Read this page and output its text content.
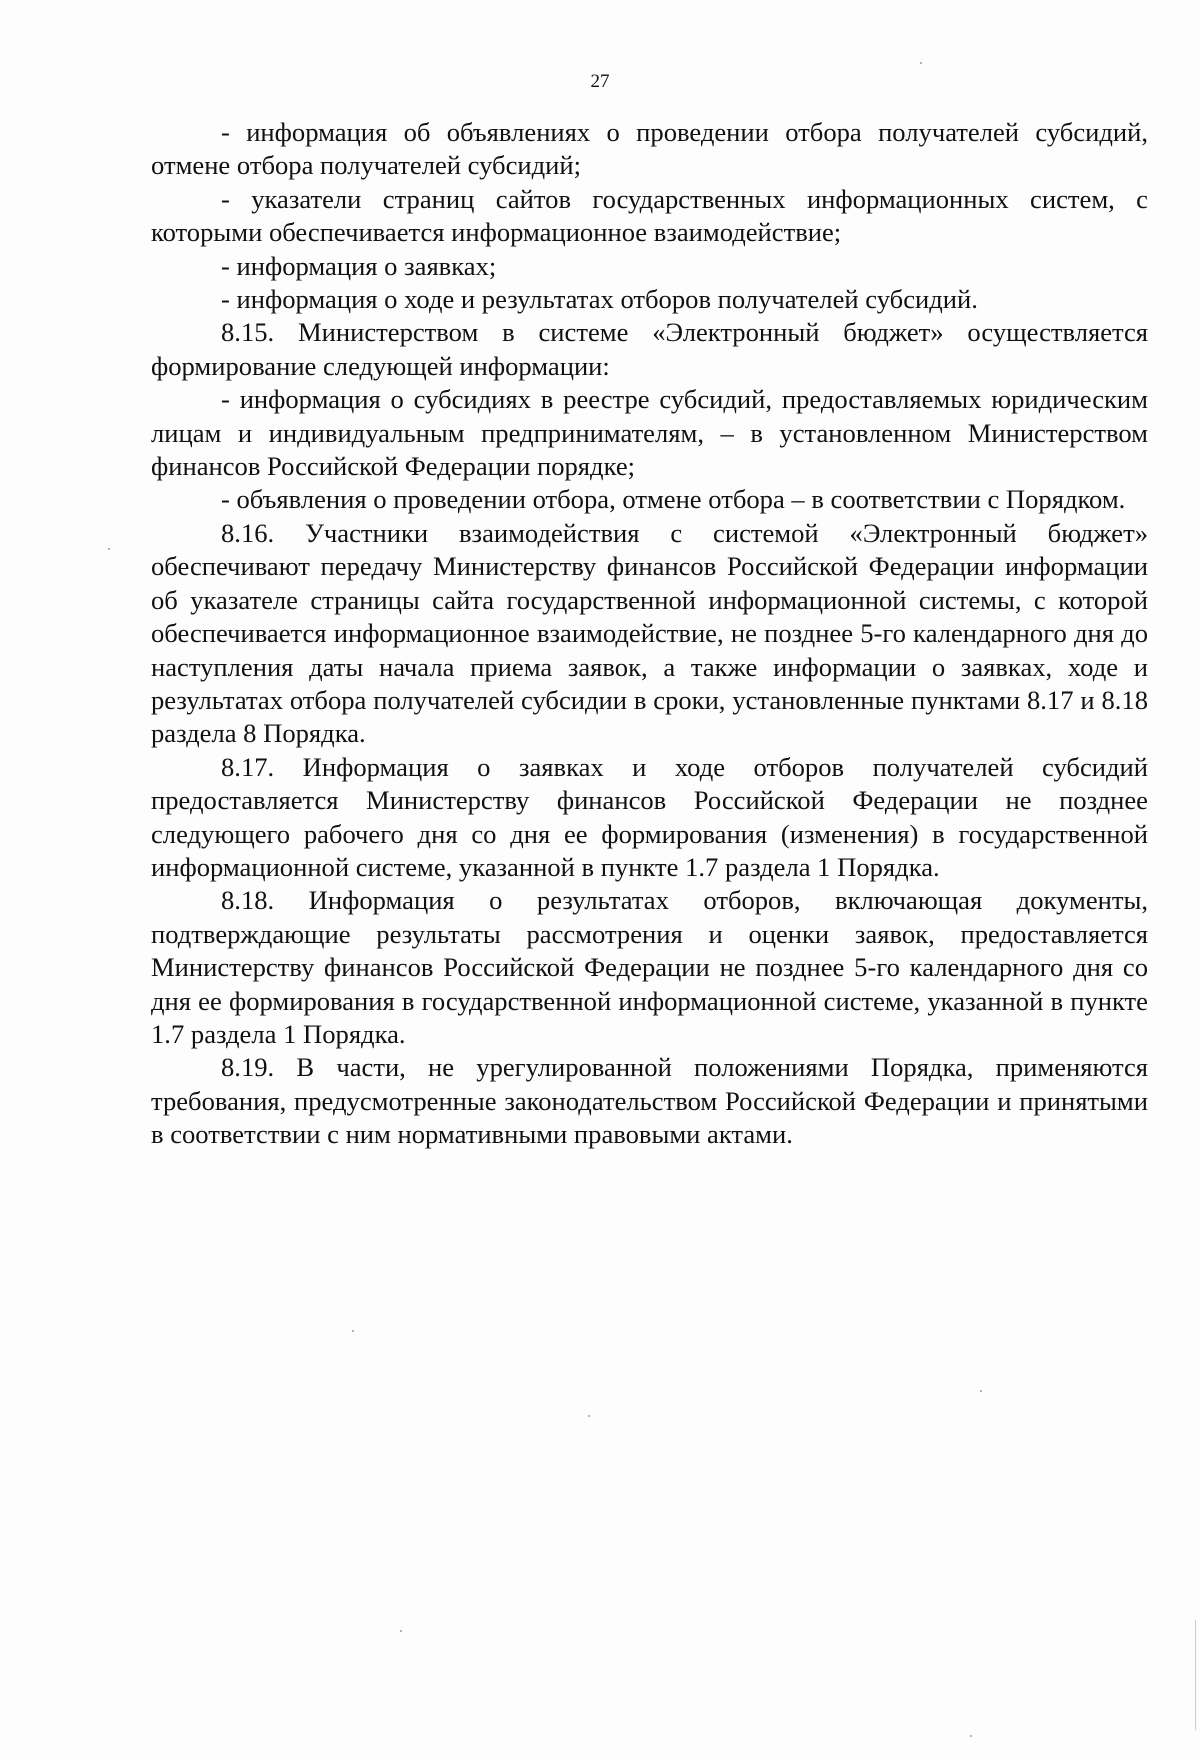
27

- информация об объявлениях о проведении отбора получателей субсидий, отмене отбора получателей субсидий;

- указатели страниц сайтов государственных информационных систем, с которыми обеспечивается информационное взаимодействие;

- информация о заявках;

- информация о ходе и результатах отборов получателей субсидий.

8.15. Министерством в системе «Электронный бюджет» осуществляется формирование следующей информации:

- информация о субсидиях в реестре субсидий, предоставляемых юридическим лицам и индивидуальным предпринимателям, – в установленном Министерством финансов Российской Федерации порядке;

- объявления о проведении отбора, отмене отбора – в соответствии с Порядком.

8.16. Участники взаимодействия с системой «Электронный бюджет» обеспечивают передачу Министерству финансов Российской Федерации информации об указателе страницы сайта государственной информационной системы, с которой обеспечивается информационное взаимодействие, не позднее 5-го календарного дня до наступления даты начала приема заявок, а также информации о заявках, ходе и результатах отбора получателей субсидии в сроки, установленные пунктами 8.17 и 8.18 раздела 8 Порядка.

8.17. Информация о заявках и ходе отборов получателей субсидий предоставляется Министерству финансов Российской Федерации не позднее следующего рабочего дня со дня ее формирования (изменения) в государственной информационной системе, указанной в пункте 1.7 раздела 1 Порядка.

8.18. Информация о результатах отборов, включающая документы, подтверждающие результаты рассмотрения и оценки заявок, предоставляется Министерству финансов Российской Федерации не позднее 5-го календарного дня со дня ее формирования в государственной информационной системе, указанной в пункте 1.7 раздела 1 Порядка.

8.19. В части, не урегулированной положениями Порядка, применяются требования, предусмотренные законодательством Российской Федерации и принятыми в соответствии с ним нормативными правовыми актами.
